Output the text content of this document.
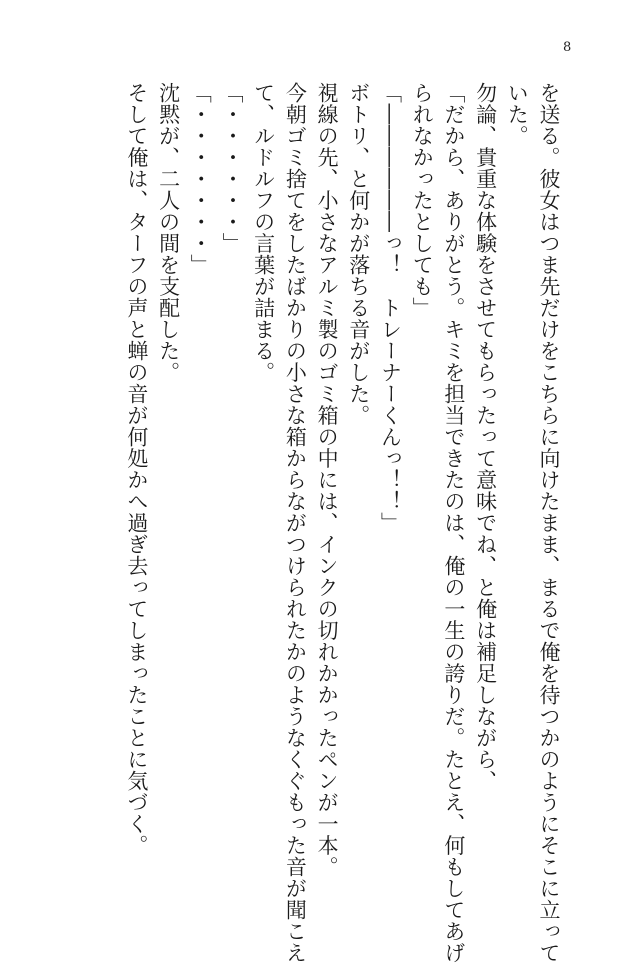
8

を送る。彼女はつま先だけをこちらに向けたまま、まるで俺を待つかのようにそこに立って

いた。

勿論、貴重な体験をさせてもらったって意味でね、と俺は補足しながら、

「だから、ありがとう。キミを担当できたのは、俺の一生の誇りだ。たとえ、何もしてあげ

られなかったとしても」

「――――――っ！　トレーナーくんっ！！」

ボトリ、と何かが落ちる音がした。

視線の先、小さなアルミ製のゴミ箱の中には、インクの切れかかったペンが一本。

今朝ゴミ捨てをしたばかりの小さな箱からながつけられたかのようなくぐもった音が聞こえ

て、ルドルフの言葉が詰まる。

「・・・・・・」

「・・・・・・・」

沈黙が、二人の間を支配した。

そして俺は、ターフの声と蝉の音が何処かへ過ぎ去ってしまったことに気づく。
